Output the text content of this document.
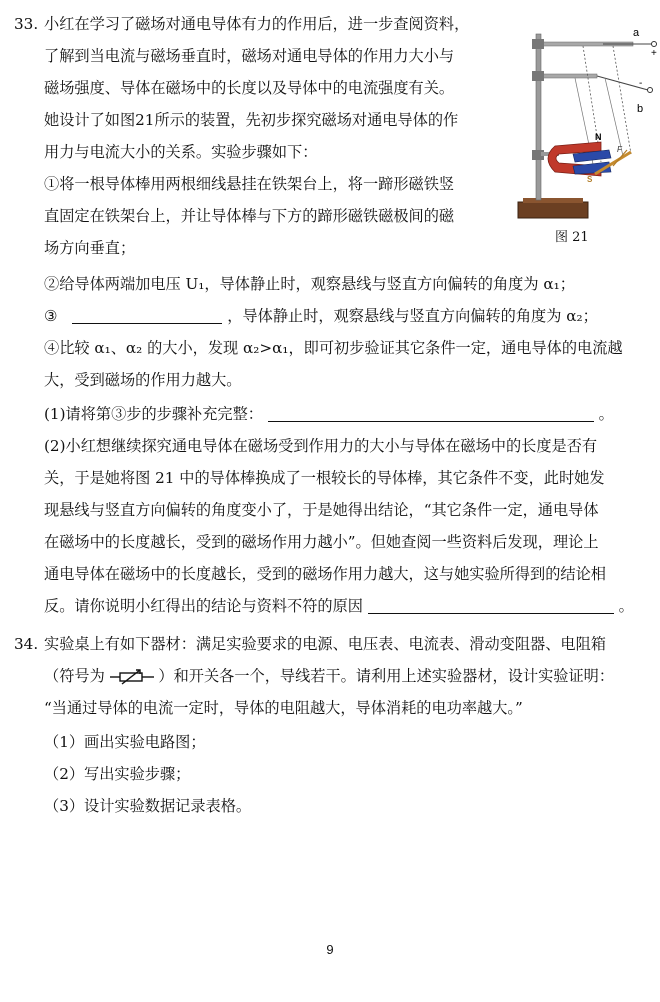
33. 小红在学习了磁场对通电导体有力的作用后，进一步查阅资料，
了解到当电流与磁场垂直时，磁场对通电导体的作用力大小与
磁场强度、导体在磁场中的长度以及导体中的电流强度有关。
她设计了如图21所示的装置，先初步探究磁场对通电导体的作
用力与电流大小的关系。实验步骤如下：
①将一根导体棒用两根细线悬挂在铁架台上，将一蹄形磁铁竖
直固定在铁架台上，并让导体棒与下方的蹄形磁铁磁极间的磁
场方向垂直；
②给导体两端加电压 U₁，导体静止时，观察悬线与竖直方向偏转的角度为 α₁；
③	，导体静止时，观察悬线与竖直方向偏转的角度为 α₂；
④比较 α₁、α₂ 的大小，发现 α₂>α₁，即可初步验证其它条件一定，通电导体的电流越
大，受到磁场的作用力越大。
(1)请将第③步的步骤补充完整：	。
(2)小红想继续探究通电导体在磁场受到作用力的大小与导体在磁场中的长度是否有
关，于是她将图 21 中的导体棒换成了一根较长的导体棒，其它条件不变，此时她发
现悬线与竖直方向偏转的角度变小了，于是她得出结论，“其它条件一定，通电导体
在磁场中的长度越长，受到的磁场作用力越小”。但她查阅一些资料后发现，理论上
通电导体在磁场中的长度越长，受到的磁场作用力越大，这与她实验所得到的结论相
反。请你说明小红得出的结论与资料不符的原因	。
a
+
-
b
N
S
F
图 21
34. 实验桌上有如下器材：满足实验要求的电源、电压表、电流表、滑动变阻器、电阻箱
（符号为	）和开关各一个，导线若干。请利用上述实验器材，设计实验证明：
“当通过导体的电流一定时，导体的电阻越大，导体消耗的电功率越大。”
（1）画出实验电路图；
（2）写出实验步骤；
（3）设计实验数据记录表格。
9
